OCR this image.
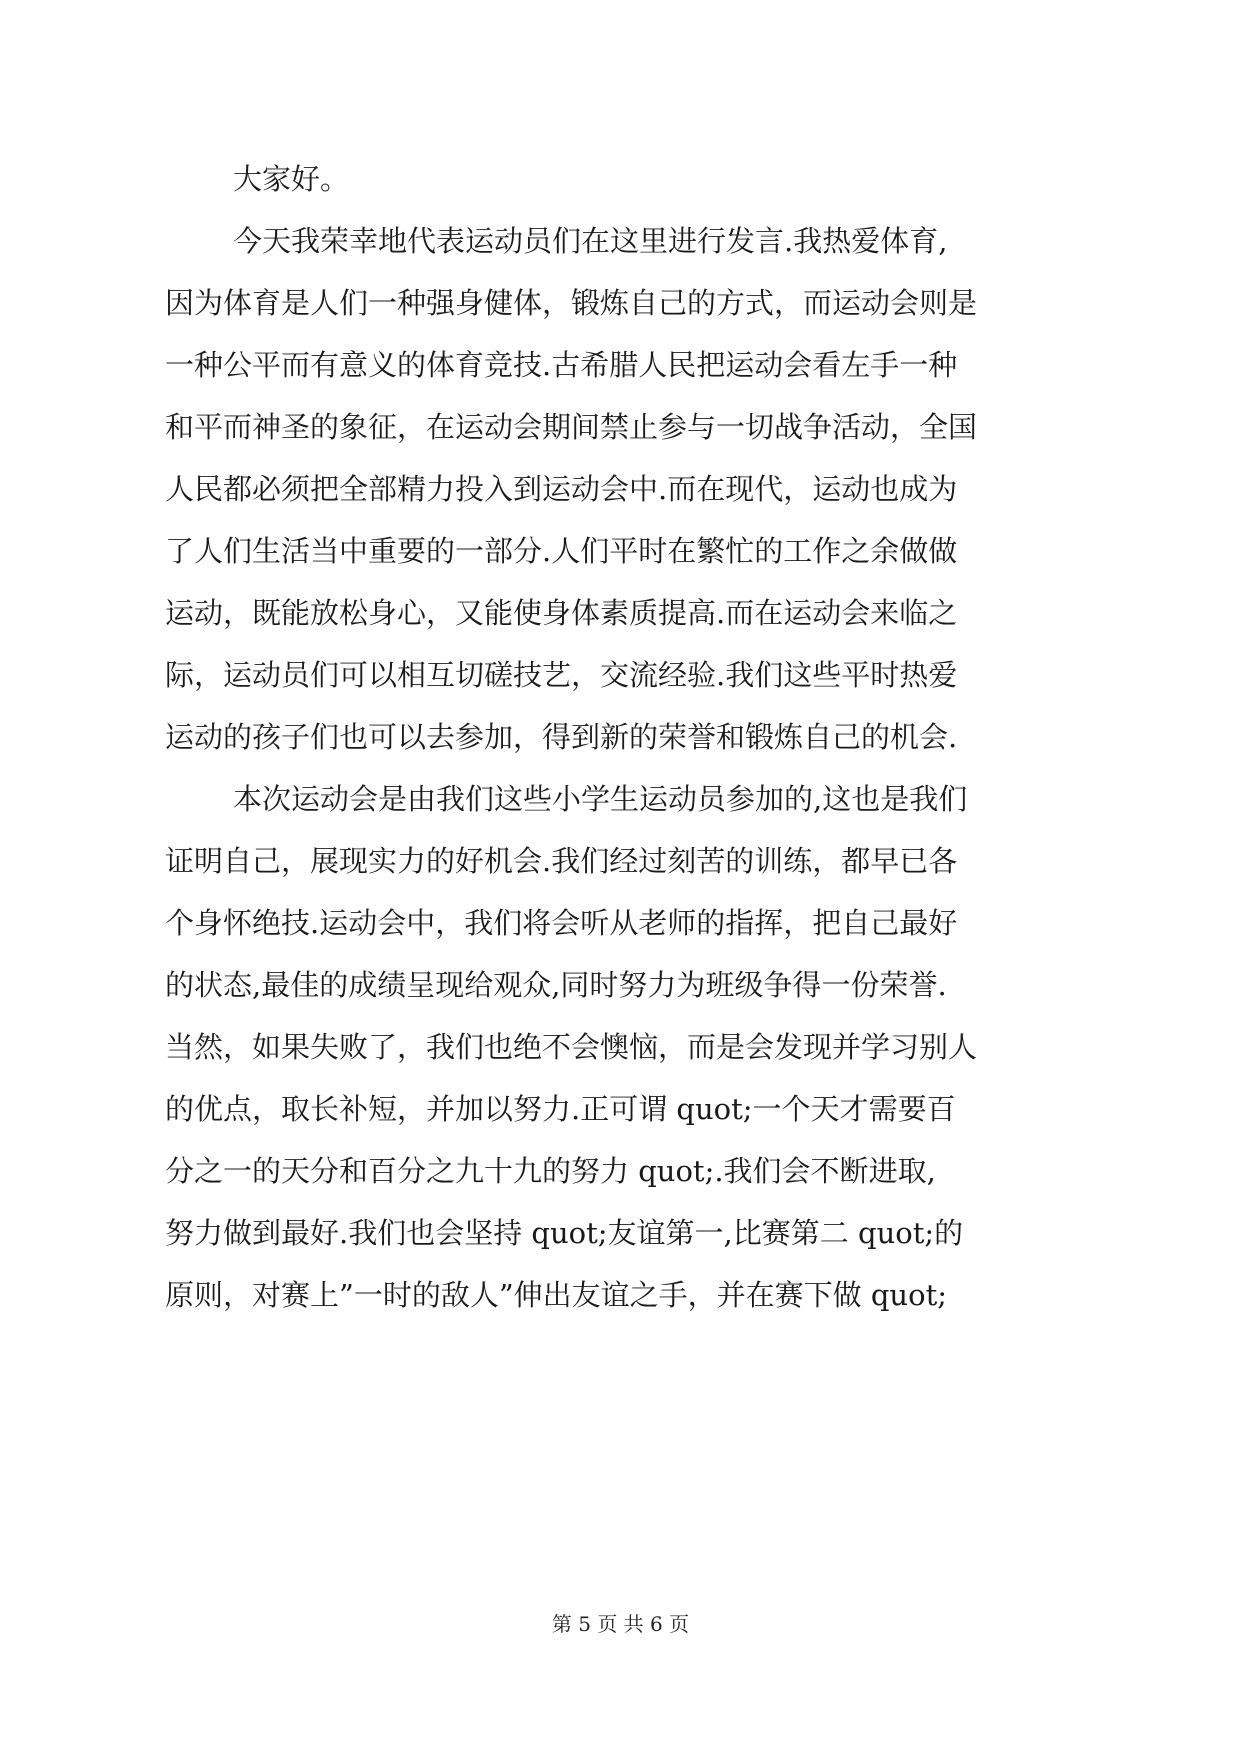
大家好。
今天我荣幸地代表运动员们在这里进行发言.我热爱体育,
因为体育是人们一种强身健体，锻炼自己的方式，而运动会则是
一种公平而有意义的体育竞技.古希腊人民把运动会看左手一种
和平而神圣的象征，在运动会期间禁止参与一切战争活动，全国
人民都必须把全部精力投入到运动会中.而在现代，运动也成为
了人们生活当中重要的一部分.人们平时在繁忙的工作之余做做
运动，既能放松身心，又能使身体素质提高.而在运动会来临之
际，运动员们可以相互切磋技艺，交流经验.我们这些平时热爱
运动的孩子们也可以去参加，得到新的荣誉和锻炼自己的机会.
本次运动会是由我们这些小学生运动员参加的,这也是我们
证明自己，展现实力的好机会.我们经过刻苦的训练，都早已各
个身怀绝技.运动会中，我们将会听从老师的指挥，把自己最好
的状态,最佳的成绩呈现给观众,同时努力为班级争得一份荣誉.
当然，如果失败了，我们也绝不会懊恼，而是会发现并学习别人
的优点，取长补短，并加以努力.正可谓 quot;一个天才需要百
分之一的天分和百分之九十九的努力 quot;.我们会不断进取,
努力做到最好.我们也会坚持 quot;友谊第一,比赛第二 quot;的
原则，对赛上”一时的敌人”伸出友谊之手，并在赛下做 quot;
第 5 页 共 6 页
